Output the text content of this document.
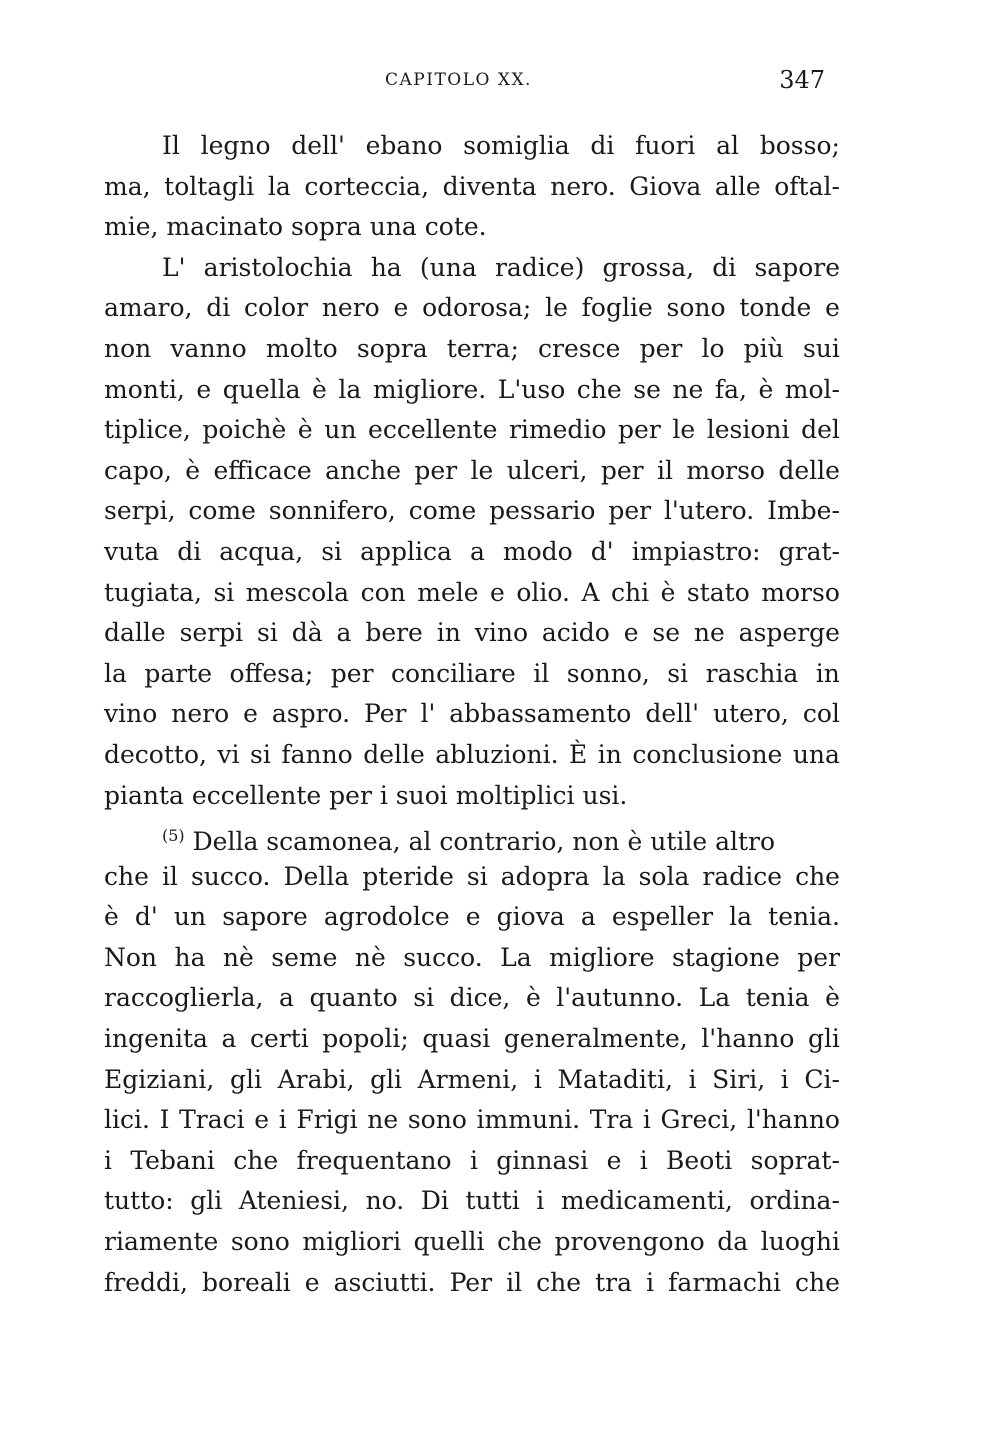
CAPITOLO XX.	347
Il legno dell' ebano somiglia di fuori al bosso;
ma, toltagli la corteccia, diventa nero. Giova alle oftal-
mie, macinato sopra una cote.
L' aristolochia ha (una radice) grossa, di sapore
amaro, di color nero e odorosa; le foglie sono tonde e
non vanno molto sopra terra; cresce per lo più sui
monti, e quella è la migliore. L'uso che se ne fa, è mol-
tiplice, poichè è un eccellente rimedio per le lesioni del
capo, è efficace anche per le ulceri, per il morso delle
serpi, come sonnifero, come pessario per l'utero. Imbe-
vuta di acqua, si applica a modo d' impiastro: grat-
tugiata, si mescola con mele e olio. A chi è stato morso
dalle serpi si dà a bere in vino acido e se ne asperge
la parte offesa; per conciliare il sonno, si raschia in
vino nero e aspro. Per l' abbassamento dell' utero, col
decotto, vi si fanno delle abluzioni. È in conclusione una
pianta eccellente per i suoi moltiplici usi.
$^{(5)}$ Della scamonea, al contrario, non è utile altro
che il succo. Della pteride si adopra la sola radice che
è d' un sapore agrodolce e giova a espeller la tenia.
Non ha nè seme nè succo. La migliore stagione per
raccoglierla, a quanto si dice, è l'autunno. La tenia è
ingenita a certi popoli; quasi generalmente, l'hanno gli
Egiziani, gli Arabi, gli Armeni, i Mataditi, i Siri, i Ci-
lici. I Traci e i Frigi ne sono immuni. Tra i Greci, l'hanno
i Tebani che frequentano i ginnasi e i Beoti soprat-
tutto: gli Ateniesi, no. Di tutti i medicamenti, ordina-
riamente sono migliori quelli che provengono da luoghi
freddi, boreali e asciutti. Per il che tra i farmachi che
